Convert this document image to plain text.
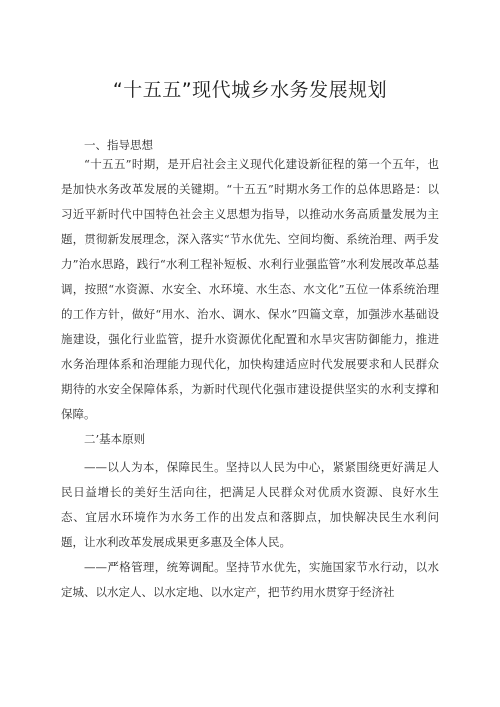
“十五五”现代城乡水务发展规划
一、指导思想

“十五五”时期，是开启社会主义现代化建设新征程的第一个五年，也是加快水务改革发展的关键期。“十五五”时期水务工作的总体思路是：以习近平新时代中国特色社会主义思想为指导，以推动水务高质量发展为主题，贯彻新发展理念，深入落实“节水优先、空间均衡、系统治理、两手发力”治水思路，践行“水利工程补短板、水利行业强监管”水利发展改革总基调，按照“水资源、水安全、水环境、水生态、水文化”五位一体系统治理的工作方针，做好“用水、治水、调水、保水”四篇文章，加强涉水基础设施建设，强化行业监管，提升水资源优化配置和水旱灾害防御能力，推进水务治理体系和治理能力现代化，加快构建适应时代发展要求和人民群众期待的水安全保障体系，为新时代现代化强市建设提供坚实的水利支撑和保障。

二’基本原则

——以人为本，保障民生。坚持以人民为中心，紧紧围绕更好满足人民日益增长的美好生活向往，把满足人民群众对优质水资源、良好水生态、宜居水环境作为水务工作的出发点和落脚点，加快解决民生水利问题，让水利改革发展成果更多惠及全体人民。

——严格管理，统筹调配。坚持节水优先，实施国家节水行动，以水定城、以水定人、以水定地、以水定产，把节约用水贯穿于经济社
